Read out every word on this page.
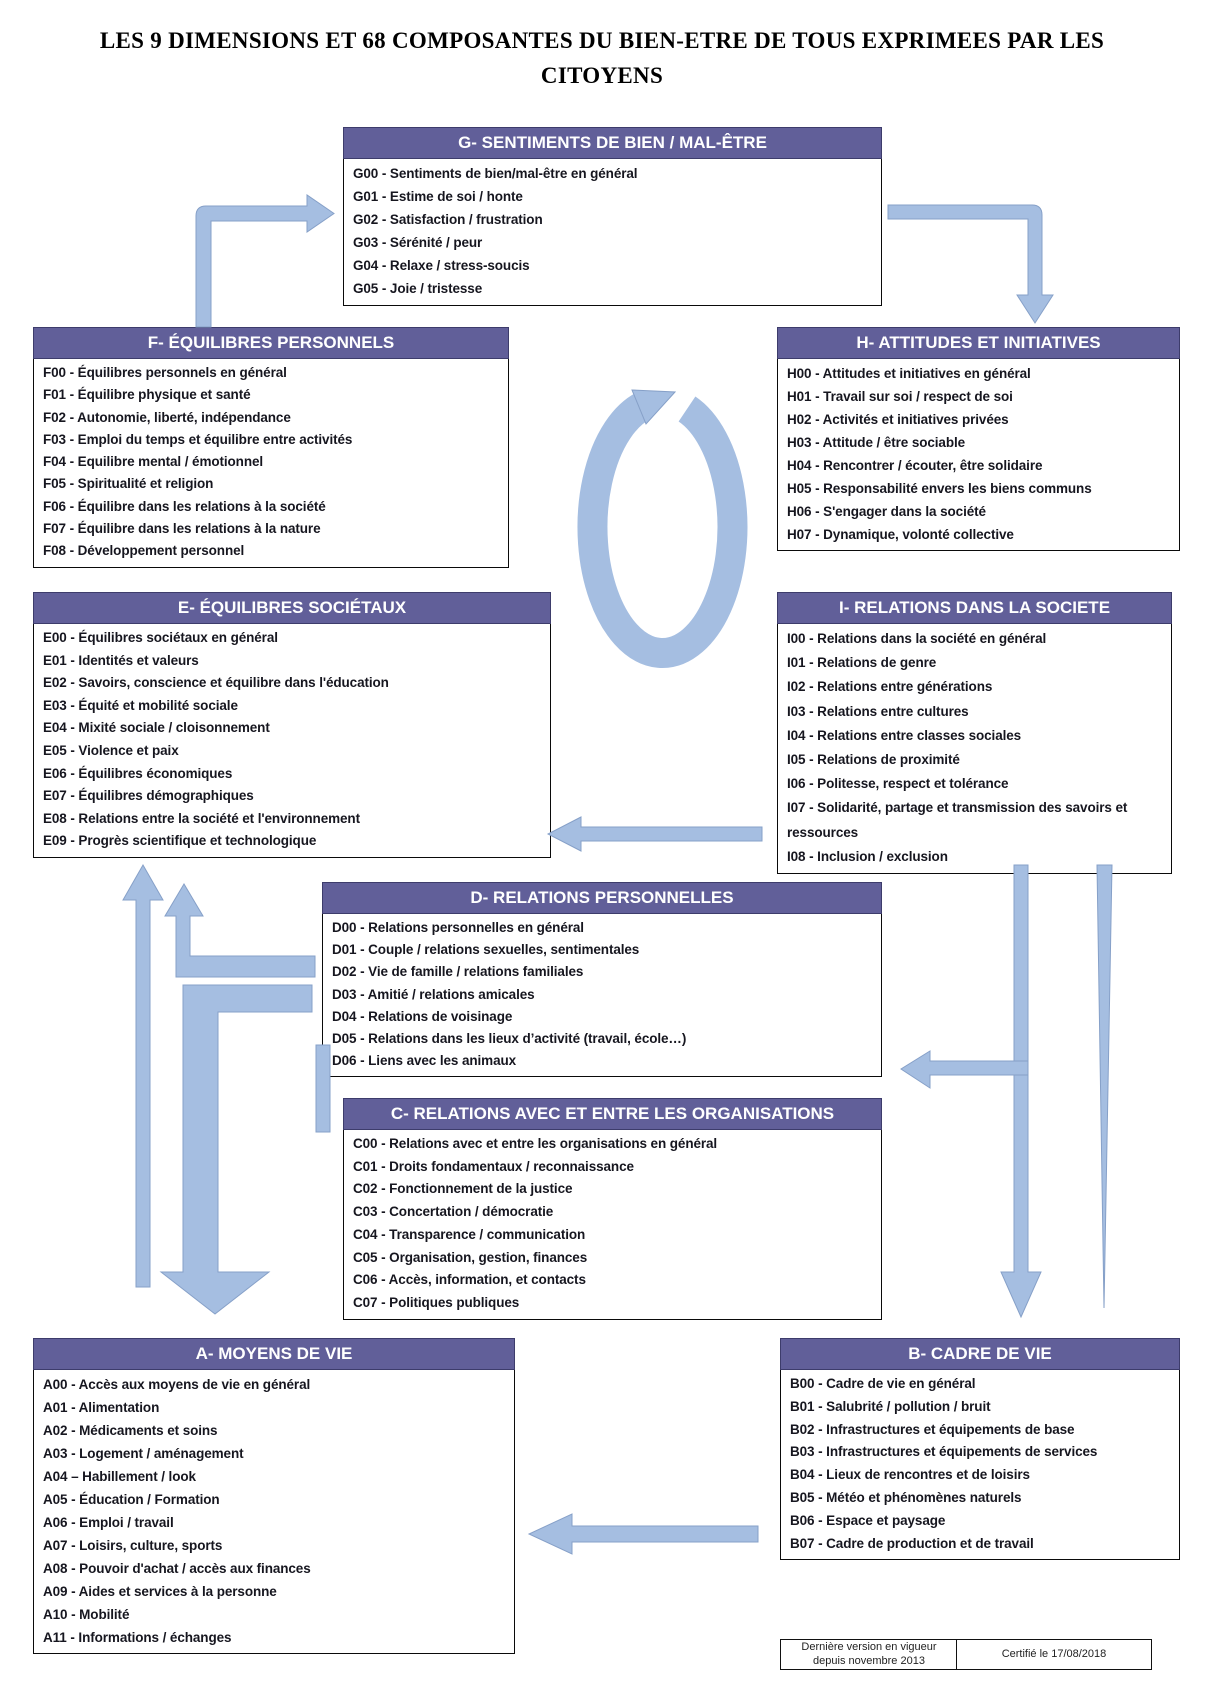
LES 9 DIMENSIONS ET 68 COMPOSANTES DU BIEN-ETRE DE TOUS EXPRIMEES PAR LES CITOYENS
G- SENTIMENTS DE BIEN / MAL-ÊTRE
G00 - Sentiments de bien/mal-être en général
G01 - Estime de soi / honte
G02 - Satisfaction / frustration
G03 - Sérénité / peur
G04 - Relaxe / stress-soucis
G05 - Joie / tristesse
F- ÉQUILIBRES PERSONNELS
F00 - Équilibres personnels en général
F01 - Équilibre physique et santé
F02 - Autonomie, liberté, indépendance
F03 - Emploi du temps et équilibre entre activités
F04 - Equilibre mental / émotionnel
F05 - Spiritualité et religion
F06 - Équilibre dans les relations à la société
F07 - Équilibre dans les relations à la nature
F08 - Développement personnel
H- ATTITUDES ET INITIATIVES
H00 - Attitudes et initiatives en général
H01 - Travail sur soi / respect de soi
H02 - Activités et initiatives privées
H03 - Attitude / être sociable
H04 - Rencontrer / écouter, être solidaire
H05 - Responsabilité envers les biens communs
H06 - S'engager dans la société
H07 - Dynamique, volonté collective
E- ÉQUILIBRES SOCIÉTAUX
E00 - Équilibres sociétaux en général
E01 - Identités et valeurs
E02 - Savoirs, conscience et équilibre dans l'éducation
E03 - Équité et mobilité sociale
E04 - Mixité sociale / cloisonnement
E05 - Violence et paix
E06 - Équilibres économiques
E07 - Équilibres démographiques
E08 - Relations entre la société et l'environnement
E09 - Progrès scientifique et technologique
I- RELATIONS DANS LA SOCIETE
I00 - Relations dans la société en général
I01 - Relations de genre
I02 - Relations entre générations
I03 - Relations entre cultures
I04 - Relations entre classes sociales
I05 - Relations de proximité
I06 - Politesse, respect et tolérance
I07 - Solidarité, partage et transmission des savoirs et ressources
I08 - Inclusion / exclusion
D- RELATIONS PERSONNELLES
D00 - Relations personnelles en général
D01 - Couple / relations sexuelles, sentimentales
D02 - Vie de famille / relations familiales
D03 - Amitié / relations amicales
D04 - Relations de voisinage
D05 - Relations dans les lieux d’activité (travail, école…)
D06 - Liens avec les animaux
C- RELATIONS AVEC ET ENTRE LES ORGANISATIONS
C00 - Relations avec et entre les organisations en général
C01 - Droits fondamentaux / reconnaissance
C02 - Fonctionnement de la justice
C03 - Concertation / démocratie
C04 - Transparence / communication
C05 - Organisation, gestion, finances
C06 - Accès, information, et contacts
C07 - Politiques publiques
A- MOYENS DE VIE
A00 - Accès aux moyens de vie en général
A01 - Alimentation
A02 - Médicaments et soins
A03 - Logement / aménagement
A04 – Habillement / look
A05 - Éducation / Formation
A06 - Emploi / travail
A07 - Loisirs, culture, sports
A08 - Pouvoir d'achat / accès aux finances
A09 - Aides et services à la personne
A10 - Mobilité
A11 - Informations / échanges
B- CADRE DE VIE
B00 - Cadre de vie en général
B01 - Salubrité / pollution / bruit
B02 - Infrastructures et équipements de base
B03 - Infrastructures et équipements de services
B04 - Lieux de rencontres et de loisirs
B05 - Météo et phénomènes naturels
B06 - Espace et paysage
B07 - Cadre de production et de travail
Dernière version en vigueur
depuis novembre 2013
Certifié le 17/08/2018
